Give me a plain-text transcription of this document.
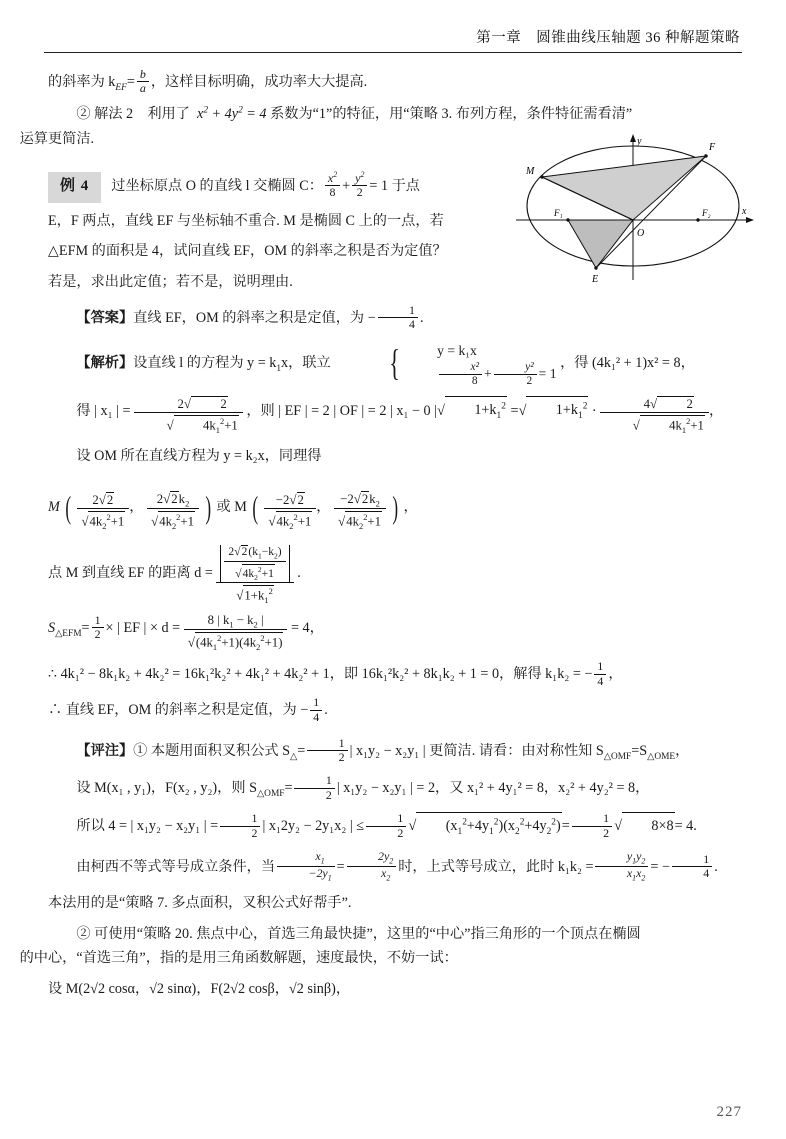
第一章　圆锥曲线压轴题 36 种解题策略
y
F
M
F₁	F₂	x
O
E

的斜率为 $k_{EF}= \frac{b}{a}$ ，这样目标明确，成功率大大提高.

② 解法 2　利用了  $x^2 + 4y^2 = 4$ 系数为“1”的特征，用“策略 3. 布列方程，条件特征需看清”
运算更简洁.

例 4 过坐标原点 O 的直线 l 交椭圆 C： $\frac{x^2}{8} + \frac{y^2}{2} = 1$ 于点

E，F 两点，直线 EF 与坐标轴不重合. M 是椭圆 C 上的一点，若

△EFM 的面积是 4，试问直线 EF，OM 的斜率之积是否为定值？

若是，求出此定值；若不是，说明理由.

【答案】直线 EF，OM 的斜率之积是定值，为 − $\frac{1}{4}$ .

【解析】设直线 l 的方程为 $y = k_1x$，联立 {	y = k₁x
$\frac{\text{x²}}{8} + \frac{\text{y²}}{2} = 1$
，得 (4k₁² + 1)x² = 8，

得 | x₁ | = $\frac{2√ 2}{√ 4k_1^2+1}$ ，则 | EF | = 2 | OF | = 2 | x₁ − 0 |√ $1+k_1^2$ =√ $1+k_1^2 \cdot \frac{4√ 2}{√ 4k_1^2+1}$ ，

设 OM 所在直线方程为 y = k₂x，同理得

M ( $\frac{2√2}{√4k_2^2+1}$ ， $\frac{2√2k_2}{√4k_2^2+1}$ ) 或 M ( $\frac{-2√2}{√4k_2^2+1}$ ， $\frac{-2√2k_2}{√4k_2^2+1}$ ) ，

点 M 到直线 EF 的距离 $d = \frac{\frac{2√2(k_1-k_2)}{√4k_2^2+1}}{√1+k_1^2}$ .

$S_{\triangle EFM}= \frac{1}{2}$ × | EF | × $d = \frac{8 | k_1 - k_2 |}{√(4k_1^2+1)(4k_2^2+1)} = 4$，

∴ 4k₁² − 8k₁k₂ + 4k₂² = 16k₁²k₂² + 4k₁² + 4k₂² + 1，即 16k₁²k₂² + 8k₁k₂ + 1 = 0，解得 k₁k₂ = − $\frac{1}{4}$ ，

∴ 直线 EF，OM 的斜率之积是定值，为 − $\frac{1}{4}$ .

【评注】① 本题用面积叉积公式 $S_\triangle= \frac{1}{2}$ | x₁y₂ − x₂y₁ | 更简洁. 请看：由对称性知 $S_{\triangle OMF}=S_{\triangle OME}$，

设 M(x₁ , y₁)，F(x₂ , y₂)，则 $S_{\triangle OMF}= \frac{1}{2}$ | x₁y₂ − x₂y₁ | = 2，又 x₁² + 4y₁² = 8，x₂² + 4y₂² = 8，

所以 4 = | x₁y₂ − x₂y₁ | = $\frac{1}{2}$ | x₁2y₂ − 2y₁x₂ | ≤ $\frac{1}{2}$ √ $(x_1^2+4y_1^2)(x_2^2+4y_2^2)= \frac{1}{2}$ √ 8×8= 4.

由柯西不等式等号成立条件，当 $\frac{x_1}{-2y_1} = \frac{2y_2}{x_2}$ 时，上式等号成立，此时 $k_1k_2 = \frac{y_1y_2}{x_1x_2}$ = − $\frac{1}{4}$ .

本法用的是“策略 7. 多点面积，叉积公式好帮手”.

② 可使用“策略 20. 焦点中心，首选三角最快捷”，这里的“中心”指三角形的一个顶点在椭圆
的中心，“首选三角”，指的是用三角函数解题，速度最快，不妨一试：

设 M(2√2 cosα，√2 sinα)，F(2√2 cosβ，√2 sinβ)，

227
